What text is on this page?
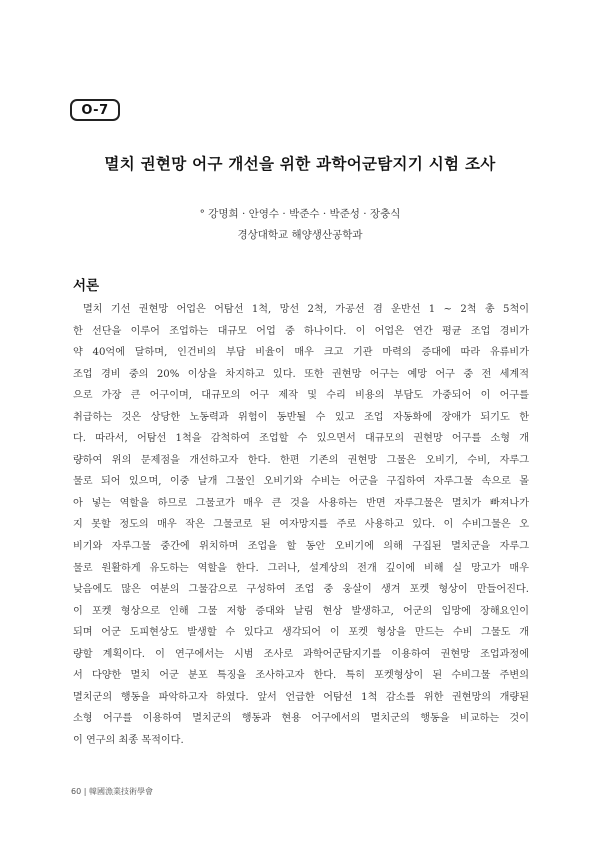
O-7
멸치 권현망 어구 개선을 위한 과학어군탐지기 시험 조사
° 강명희 · 안영수 · 박준수 · 박준성 · 장충식
경상대학교 해양생산공학과
서론
멸치 기선 권현망 어업은 어탐선 1척, 망선 2척, 가공선 겸 운반선 1 ~ 2척 총 5척이
한 선단을 이루어 조업하는 대규모 어업 중 하나이다. 이 어업은 연간 평균 조업 경비가
약 40억에 달하며, 인건비의 부담 비율이 매우 크고 기관 마력의 증대에 따라 유류비가
조업 경비 중의 20% 이상을 차지하고 있다. 또한 권현망 어구는 예망 어구 중 전 세계적
으로 가장 큰 어구이며, 대규모의 어구 제작 및 수리 비용의 부담도 가중되어 이 어구를
취급하는 것은 상당한 노동력과 위험이 동반될 수 있고 조업 자동화에 장애가 되기도 한
다. 따라서, 어탐선 1척을 감척하여 조업할 수 있으면서 대규모의 권현망 어구를 소형 개
량하여 위의 문제점을 개선하고자 한다. 한편 기존의 권현망 그물은 오비기, 수비, 자루그
물로 되어 있으며, 이중 날개 그물인 오비기와 수비는 어군을 구집하여 자루그물 속으로 몰
아 넣는 역할을 하므로 그물코가 매우 큰 것을 사용하는 반면 자루그물은 멸치가 빠져나가
지 못할 정도의 매우 작은 그물코로 된 여자망지를 주로 사용하고 있다. 이 수비그물은 오
비기와 자루그물 중간에 위치하며 조업을 할 동안 오비기에 의해 구집된 멸치군을 자루그
물로 원활하게 유도하는 역할을 한다. 그러나, 설계상의 전개 깊이에 비해 실 망고가 매우
낮음에도 많은 여분의 그물감으로 구성하여 조업 중 웅살이 생겨 포켓 형상이 만들어진다.
이 포켓 형상으로 인해 그물 저항 증대와 날림 현상 발생하고, 어군의 입망에 장해요인이
되며 어군 도피현상도 발생할 수 있다고 생각되어 이 포켓 형상을 만드는 수비 그물도 개
량할 계획이다. 이 연구에서는 시범 조사로 과학어군탐지기를 이용하여 권현망 조업과정에
서 다양한 멸치 어군 분포 특징을 조사하고자 한다. 특히 포켓형상이 된 수비그물 주변의
멸치군의 행동을 파악하고자 하였다. 앞서 언급한 어탐선 1척 감소를 위한 권현망의 개량된
소형 어구를 이용하여 멸치군의 행동과 현용 어구에서의 멸치군의 행동을 비교하는 것이
이 연구의 최종 목적이다.
60 | 韓國漁業技術學會
